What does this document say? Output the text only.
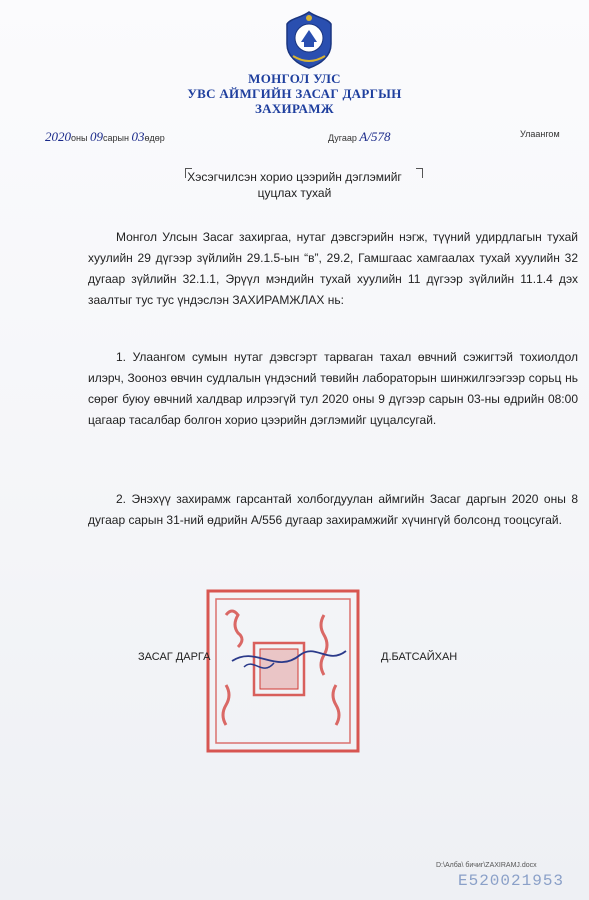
МОНГОЛ УЛС
УВС АЙМГИЙН ЗАСАГ ДАРГЫН
ЗАХИРАМЖ
2020оны 09сарын 03өдөр	Дугаар А/578	Улаангом
Хэсэгчилсэн хорио цээрийн дэглэмийг
цуцлах тухай
Монгол Улсын Засаг захиргаа, нутаг дэвсгэрийн нэгж, түүний удирдлагын тухай хуулийн 29 дүгээр зүйлийн 29.1.5-ын “в”, 29.2, Гамшгаас хамгаалах тухай хуулийн 32 дугаар зүйлийн 32.1.1, Эрүүл мэндийн тухай хуулийн 11 дүгээр зүйлийн 11.1.4 дэх заалтыг тус тус үндэслэн ЗАХИРАМЖЛАХ нь:
1. Улаангом сумын нутаг дэвсгэрт тарваган тахал өвчний сэжигтэй тохиолдол илэрч, Зооноз өвчин судлалын үндэсний төвийн лабораторын шинжилгээгээр сорьц нь сөрөг буюу өвчний халдвар илрээгүй тул 2020 оны 9 дүгээр сарын 03-ны өдрийн 08:00 цагаар тасалбар болгон хорио цээрийн дэглэмийг цуцалсугай.
2. Энэхүү захирамж гарсантай холбогдуулан аймгийн Засаг даргын 2020 оны 8 дугаар сарын 31-ний өдрийн А/556 дугаар захирамжийг хүчингүй болсонд тооцсугай.
ЗАСАГ ДАРГА	Д.БАТСАЙХАН
D:\Алба\ бичиг\ZAXIRAMJ.docx
Е520021953
